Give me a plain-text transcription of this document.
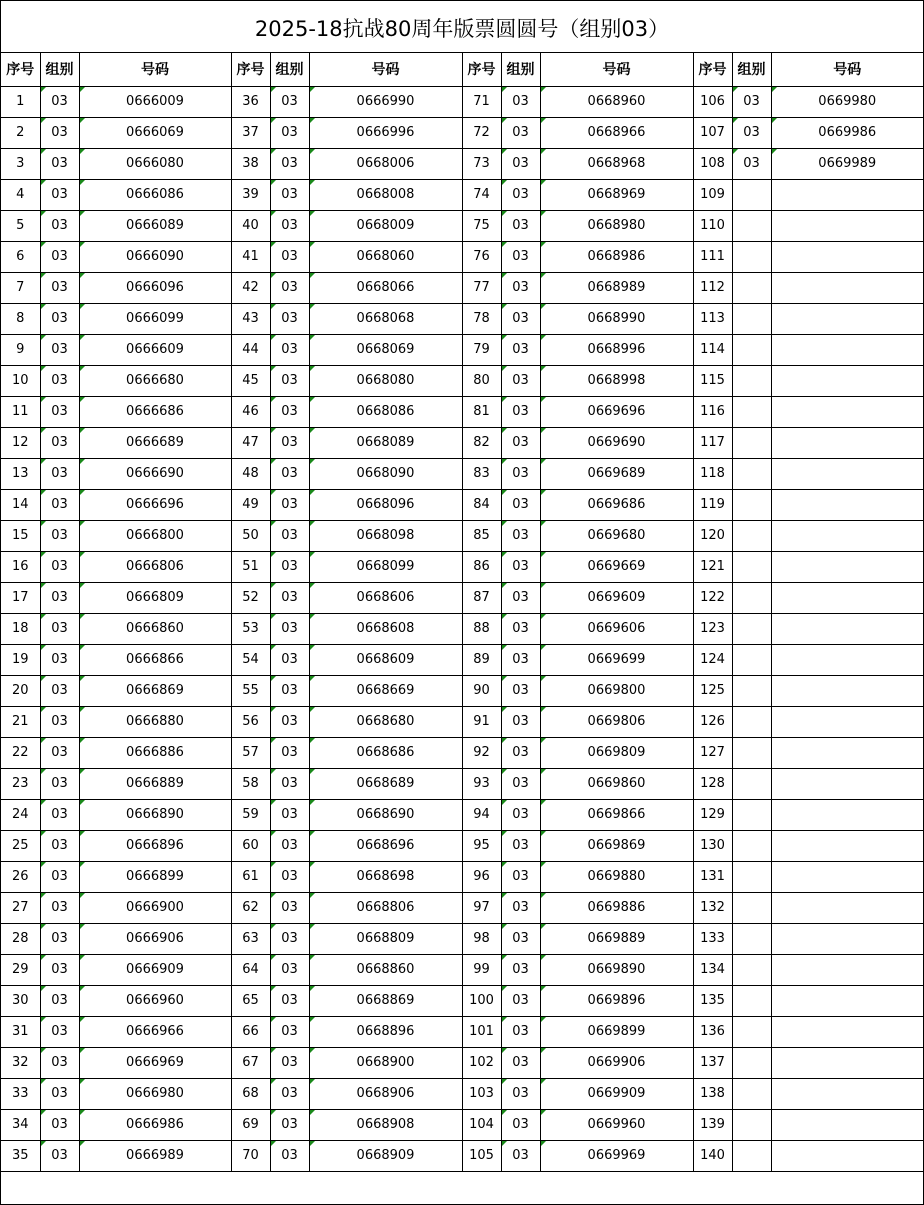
2025-18抗战80周年版票圆圆号（组别03）
序号	组别	号码	序号	组别	号码	序号	组别	号码	序号	组别	号码
1	03	0666009	36	03	0666990	71	03	0668960	106	03	0669980
2	03	0666069	37	03	0666996	72	03	0668966	107	03	0669986
3	03	0666080	38	03	0668006	73	03	0668968	108	03	0669989
4	03	0666086	39	03	0668008	74	03	0668969	109		
5	03	0666089	40	03	0668009	75	03	0668980	110		
6	03	0666090	41	03	0668060	76	03	0668986	111		
7	03	0666096	42	03	0668066	77	03	0668989	112		
8	03	0666099	43	03	0668068	78	03	0668990	113		
9	03	0666609	44	03	0668069	79	03	0668996	114		
10	03	0666680	45	03	0668080	80	03	0668998	115		
11	03	0666686	46	03	0668086	81	03	0669696	116		
12	03	0666689	47	03	0668089	82	03	0669690	117		
13	03	0666690	48	03	0668090	83	03	0669689	118		
14	03	0666696	49	03	0668096	84	03	0669686	119		
15	03	0666800	50	03	0668098	85	03	0669680	120		
16	03	0666806	51	03	0668099	86	03	0669669	121		
17	03	0666809	52	03	0668606	87	03	0669609	122		
18	03	0666860	53	03	0668608	88	03	0669606	123		
19	03	0666866	54	03	0668609	89	03	0669699	124		
20	03	0666869	55	03	0668669	90	03	0669800	125		
21	03	0666880	56	03	0668680	91	03	0669806	126		
22	03	0666886	57	03	0668686	92	03	0669809	127		
23	03	0666889	58	03	0668689	93	03	0669860	128		
24	03	0666890	59	03	0668690	94	03	0669866	129		
25	03	0666896	60	03	0668696	95	03	0669869	130		
26	03	0666899	61	03	0668698	96	03	0669880	131		
27	03	0666900	62	03	0668806	97	03	0669886	132		
28	03	0666906	63	03	0668809	98	03	0669889	133		
29	03	0666909	64	03	0668860	99	03	0669890	134		
30	03	0666960	65	03	0668869	100	03	0669896	135		
31	03	0666966	66	03	0668896	101	03	0669899	136		
32	03	0666969	67	03	0668900	102	03	0669906	137		
33	03	0666980	68	03	0668906	103	03	0669909	138		
34	03	0666986	69	03	0668908	104	03	0669960	139		
35	03	0666989	70	03	0668909	105	03	0669969	140		
